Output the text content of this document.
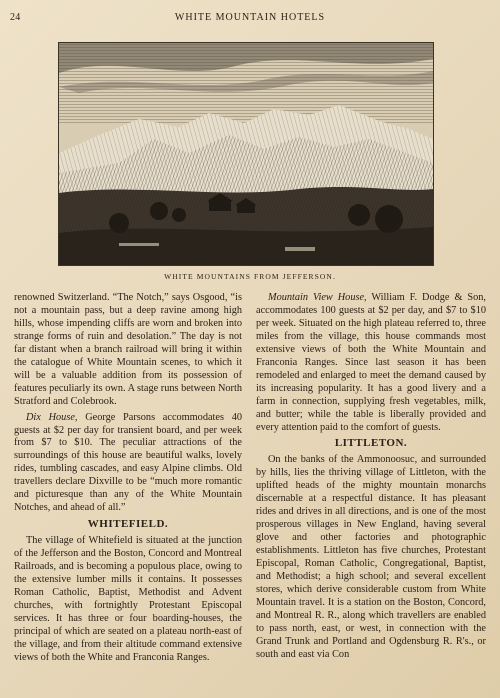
24	WHITE MOUNTAIN HOTELS
WHITE MOUNTAINS FROM JEFFERSON.

renowned Switzerland. “The Notch,” says Osgood, “is not a mountain pass, but a deep ravine among high hills, whose impending cliffs are worn and broken into strange forms of ruin and desolation.” The day is not far distant when a branch railroad will bring it within the catalogue of White Mountain scenes, to which it will be a valuable addition from its possession of features peculiarly its own. A stage runs between North Stratford and Colebrook.

Dix House, George Parsons accommodates 40 guests at $2 per day for transient board, and per week from $7 to $10. The peculiar attractions of the surroundings of this house are beautiful walks, lovely rides, tumbling cascades, and easy Alpine climbs. Old travellers declare Dixville to be “much more romantic and picturesque than any of the White Mountain Notches, and ahead of all.”

WHITEFIELD.

The village of Whitefield is situated at the junction of the Jefferson and the Boston, Concord and Montreal Railroads, and is becoming a populous place, owing to the extensive lumber mills it contains. It possesses Roman Catholic, Baptist, Methodist and Advent churches, with fortnightly Protestant Episcopal services. It has three or four boarding-houses, the principal of which are seated on a plateau north-east of the village, and from their altitude command extensive views of both the White and Franconia Ranges.

Mountain View House, William F. Dodge & Son, accommodates 100 guests at $2 per day, and $7 to $10 per week. Situated on the high plateau referred to, three miles from the village, this house commands most extensive views of both the White Mountain and Franconia Ranges. Since last season it has been remodeled and enlarged to meet the demand caused by its increasing popularity. It has a good livery and a farm in connection, supplying fresh vegetables, milk, and butter; while the table is liberally provided and every attention paid to the comfort of guests.

LITTLETON.

On the banks of the Ammonoosuc, and surrounded by hills, lies the thriving village of Littleton, with the uplifted heads of the mighty mountain monarchs discernable at a respectful distance. It has pleasant rides and drives in all directions, and is one of the most prosperous villages in New England, having several glove and other factories and photographic establishments. Littleton has five churches, Protestant Episcopal, Roman Catholic, Congregational, Baptist, and Methodist; a high school; and several excellent stores, which derive considerable custom from White Mountain travel. It is a station on the Boston, Concord, and Montreal R. R., along which travellers are enabled to pass north, east, or west, in connection with the Grand Trunk and Portland and Ogdensburg R. R's., or south and east via Con
